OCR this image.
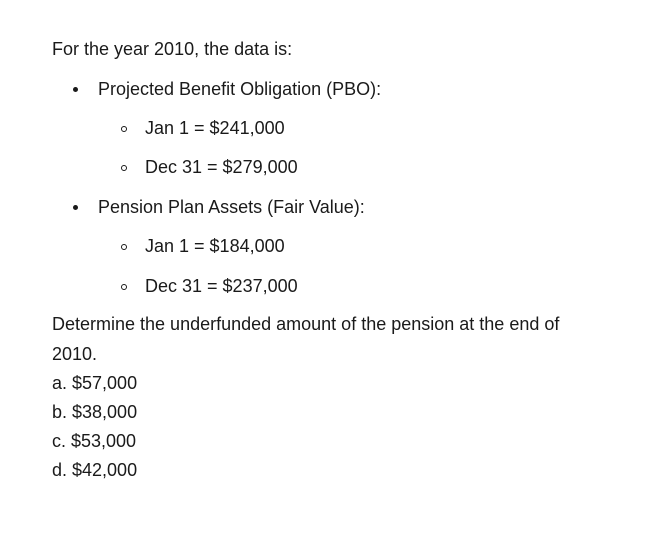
For the year 2010, the data is:
Projected Benefit Obligation (PBO):
Jan 1 = $241,000
Dec 31 = $279,000
Pension Plan Assets (Fair Value):
Jan 1 = $184,000
Dec 31 = $237,000
Determine the underfunded amount of the pension at the end of
2010.
a. $57,000
b. $38,000
c. $53,000
d. $42,000
